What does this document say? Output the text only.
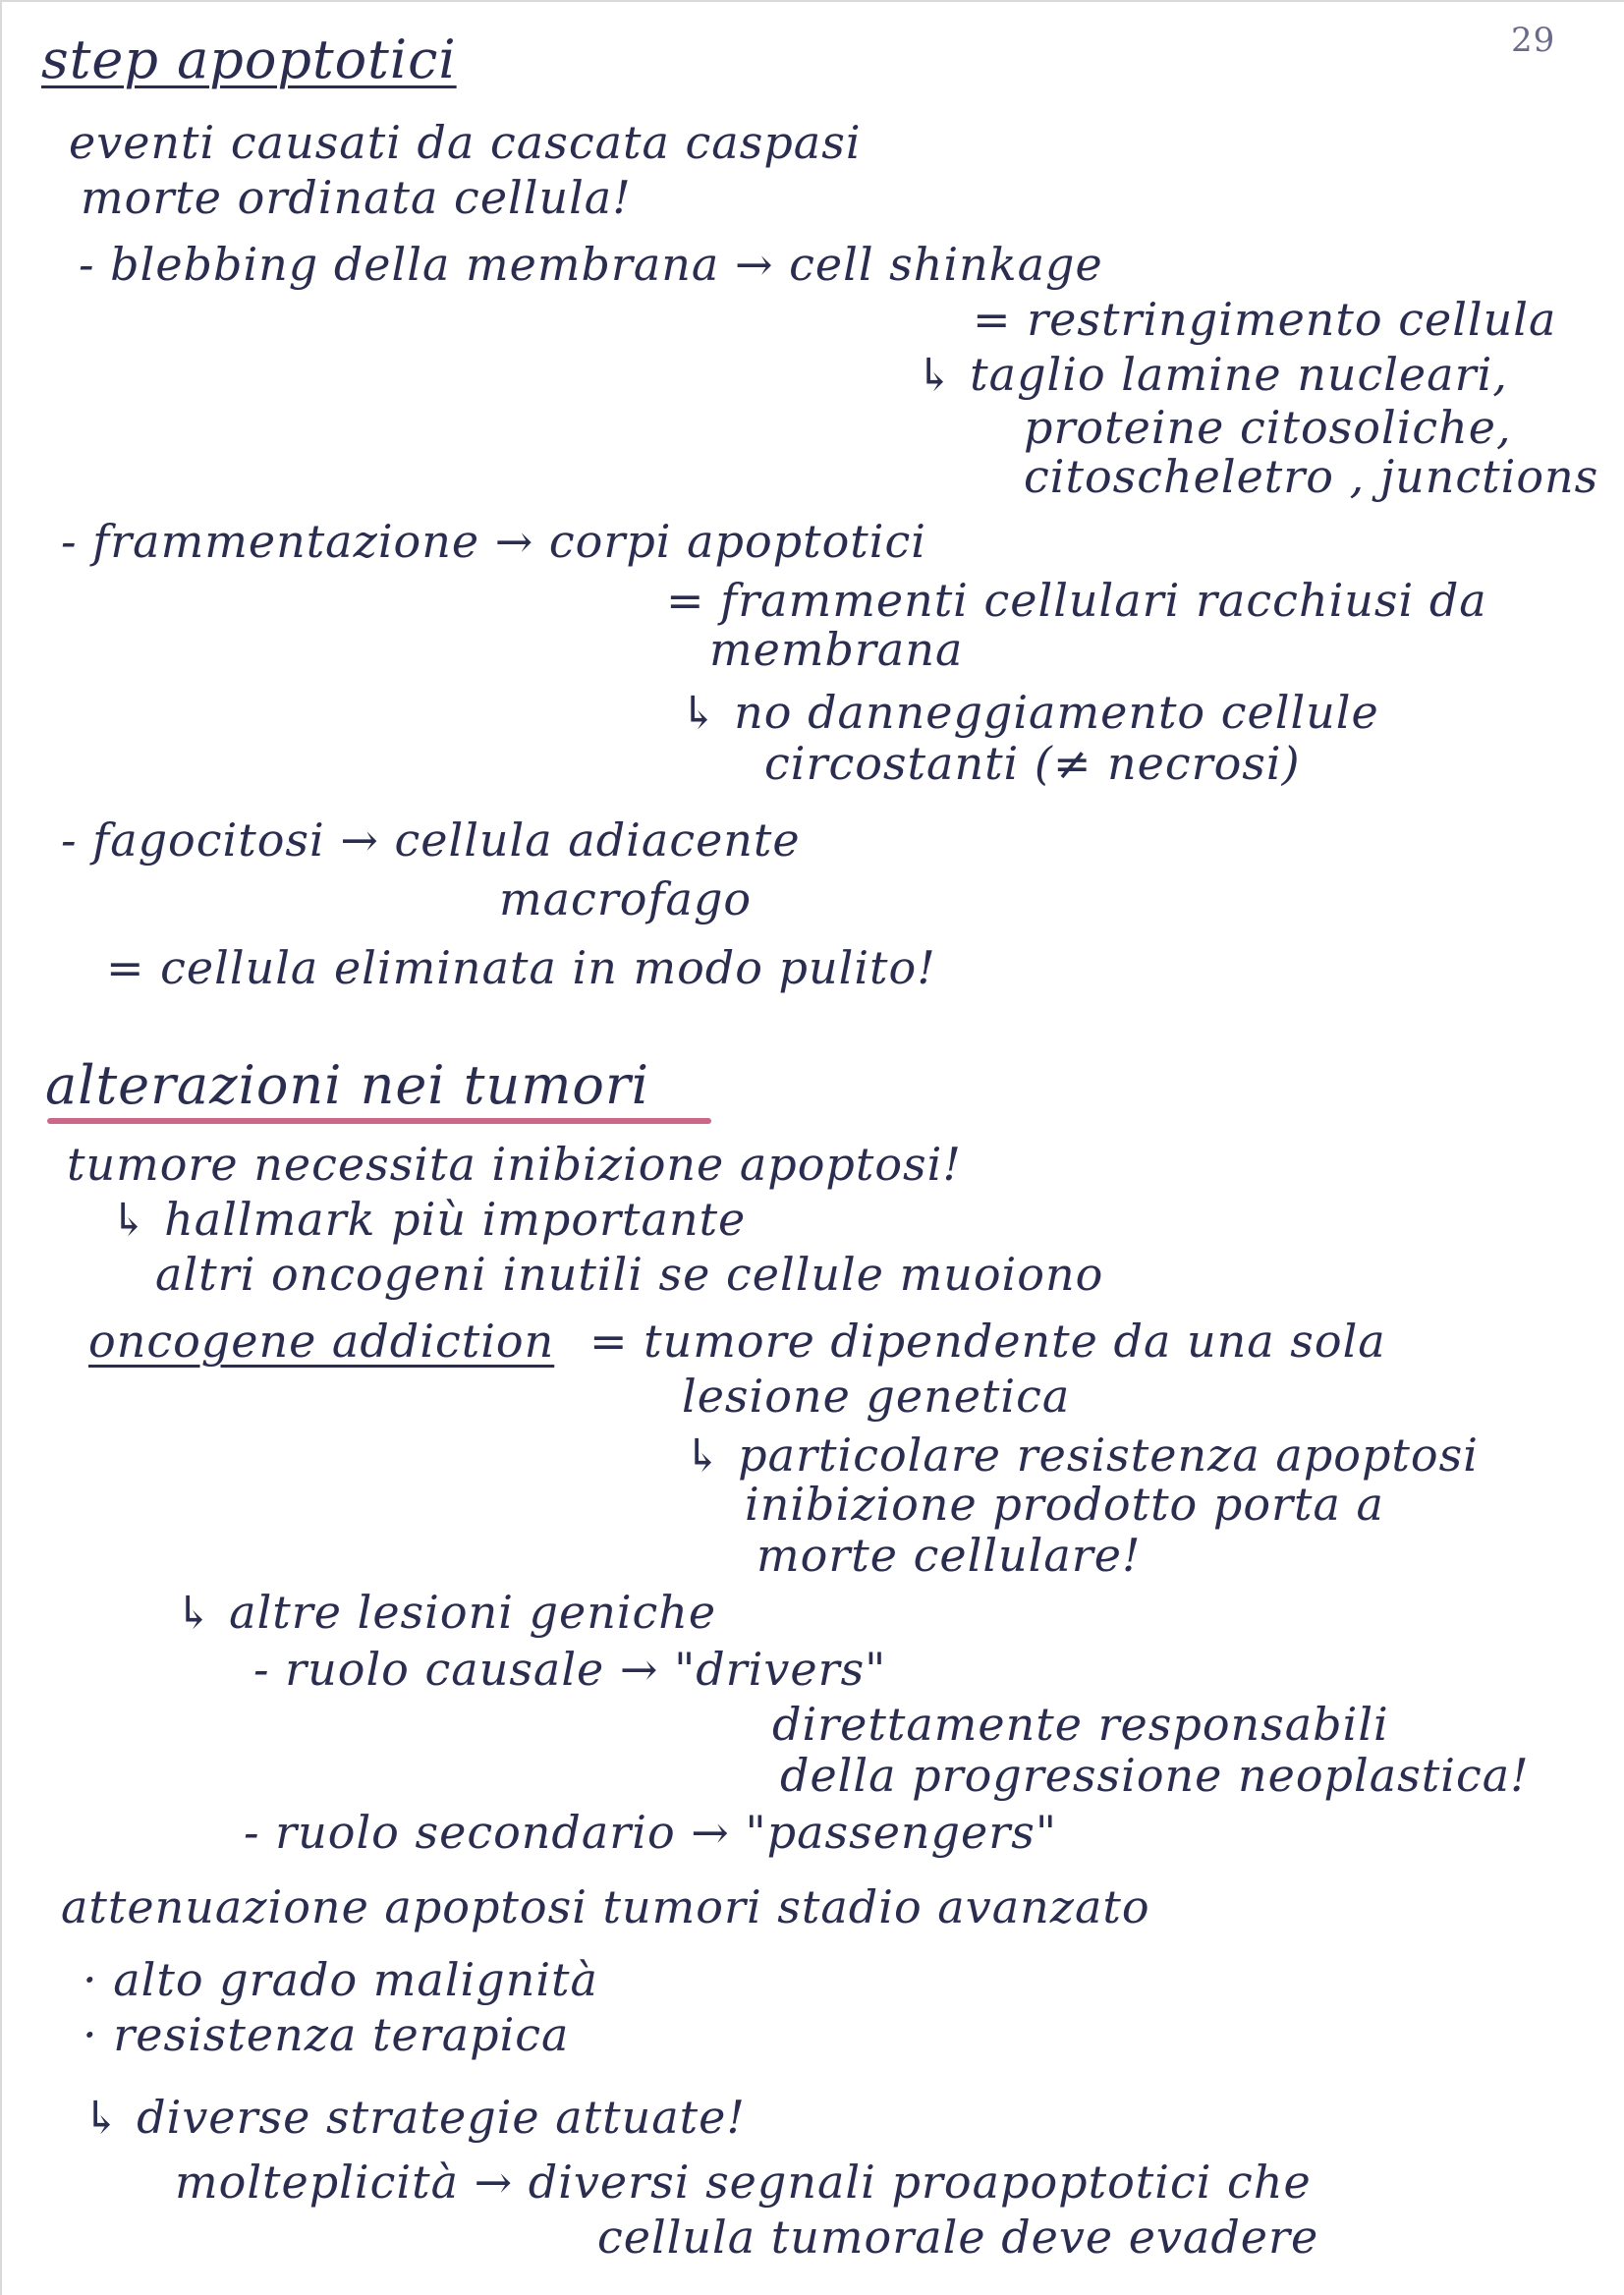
29
step apoptotici
eventi causati da cascata caspasi
morte ordinata cellula!
- blebbing della membrana → cell shinkage
= restringimento cellula
↳ taglio lamine nucleari,
proteine citosoliche,
citoscheletro , junctions
- frammentazione → corpi apoptotici
= frammenti cellulari racchiusi da
membrana
↳ no danneggiamento cellule
circostanti (≠ necrosi)
- fagocitosi → cellula adiacente
macrofago
= cellula eliminata in modo pulito!
alterazioni nei tumori
tumore necessita inibizione apoptosi!
↳ hallmark più importante
altri oncogeni inutili se cellule muoiono
oncogene addiction = tumore dipendente da una sola
lesione genetica
↳ particolare resistenza apoptosi
inibizione prodotto porta a
morte cellulare!
↳ altre lesioni geniche
- ruolo causale → "drivers"
direttamente responsabili
della progressione neoplastica!
- ruolo secondario → "passengers"
attenuazione apoptosi tumori stadio avanzato
· alto grado malignità
· resistenza terapica
↳ diverse strategie attuate!
molteplicità → diversi segnali proapoptotici che
cellula tumorale deve evadere
